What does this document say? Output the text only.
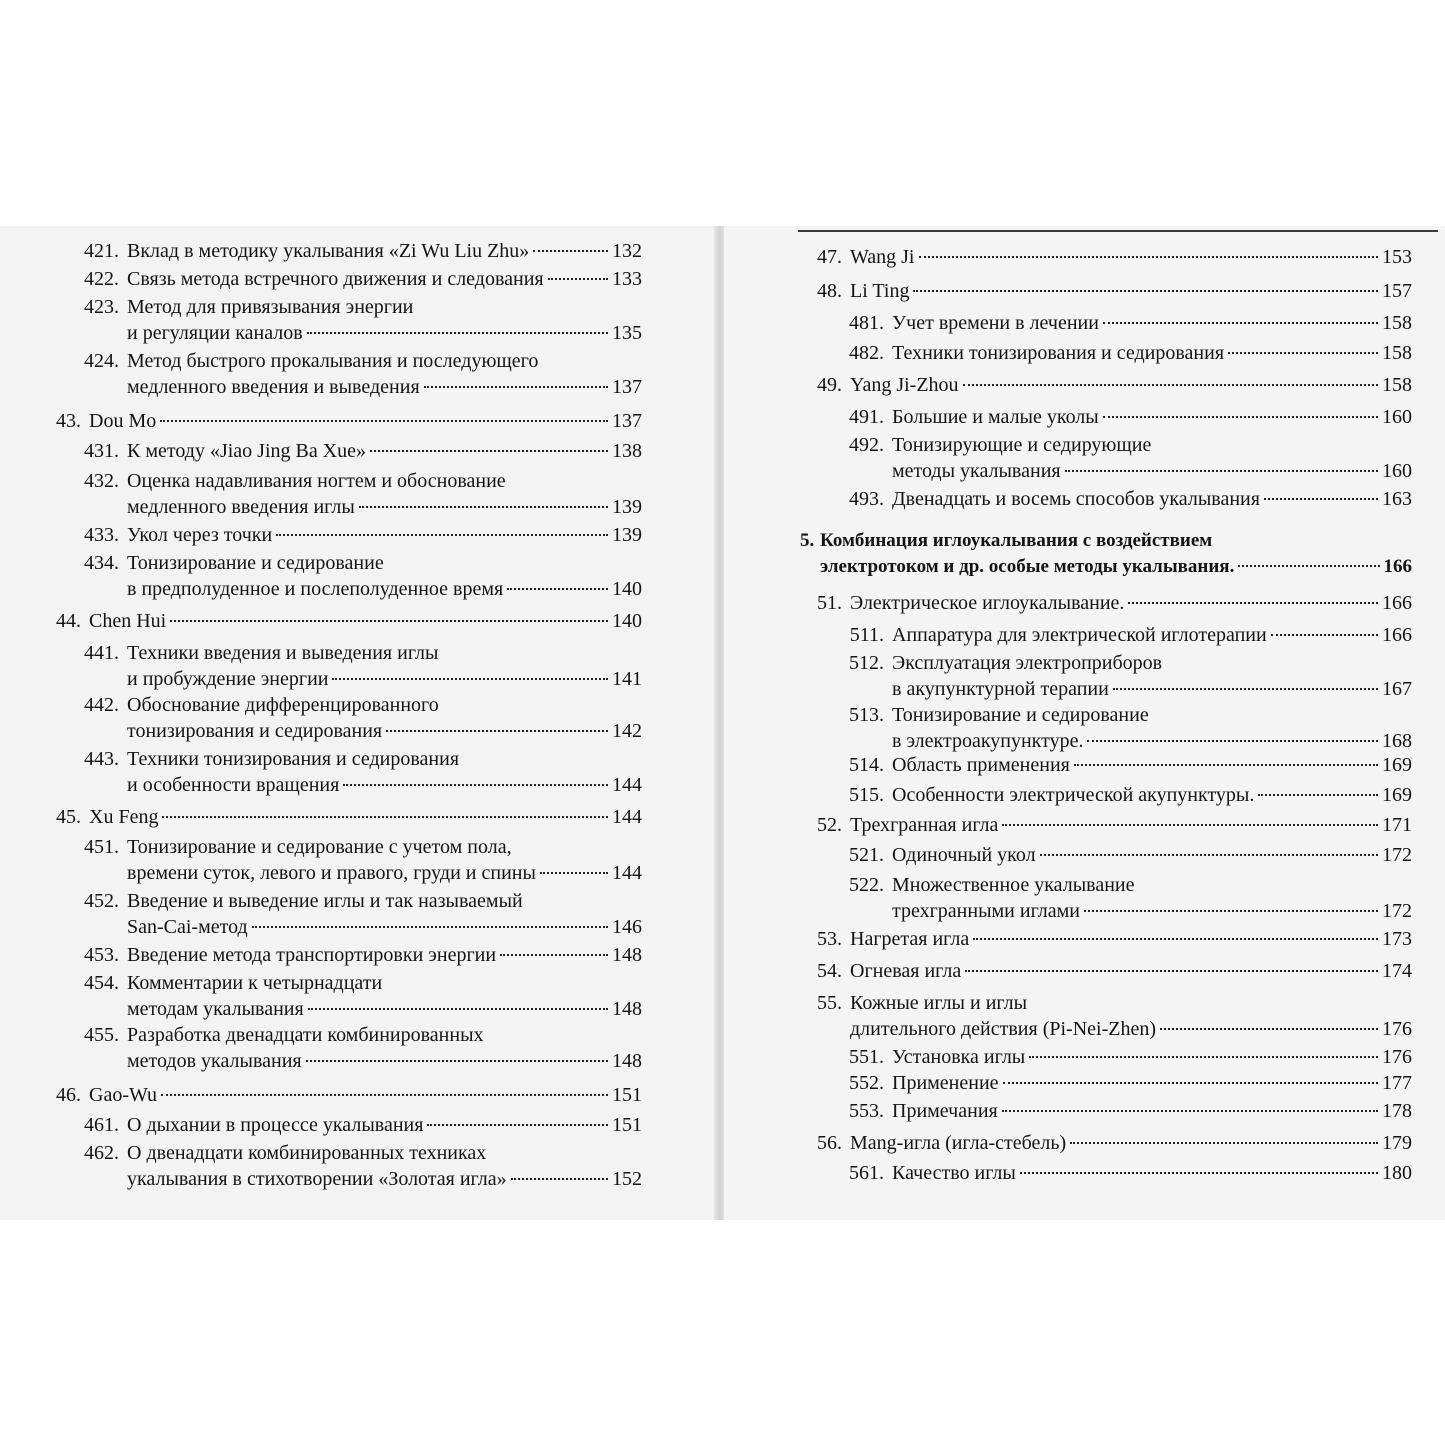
421. Вклад в методику укалывания «Zi Wu Liu Zhu»	132
422. Связь метода встречного движения и следования	133
423. Метод для привязывания энергии
и регуляции каналов	135
424. Метод быстрого прокалывания и последующего
медленного введения и выведения	137
43. Dou Mo	137
431. К методу «Jiao Jing Ba Xue»	138
432. Оценка надавливания ногтем и обоснование
медленного введения иглы	139
433. Укол через точки	139
434. Тонизирование и седирование
в предполуденное и послеполуденное время	140
44. Chen Hui	140
441. Техники введения и выведения иглы
и пробуждение энергии	141
442. Обоснование дифференцированного
тонизирования и седирования	142
443. Техники тонизирования и седирования
и особенности вращения	144
45. Xu Feng	144
451. Тонизирование и седирование с учетом пола,
времени суток, левого и правого, груди и спины	144
452. Введение и выведение иглы и так называемый
San-Cai-метод	146
453. Введение метода транспортировки энергии	148
454. Комментарии к четырнадцати
методам укалывания	148
455. Разработка двенадцати комбинированных
методов укалывания	148
46. Gao-Wu	151
461. О дыхании в процессе укалывания	151
462. О двенадцати комбинированных техниках
укалывания в стихотворении «Золотая игла»	152
47. Wang Ji	153
48. Li Ting	157
481. Учет времени в лечении	158
482. Техники тонизирования и седирования	158
49. Yang Ji-Zhou	158
491. Большие и малые уколы	160
492. Тонизирующие и седирующие
методы укалывания	160
493. Двенадцать и восемь способов укалывания	163
5. Комбинация иглоукалывания с воздействием
электротоком и др. особые методы укалывания.	166
51. Электрическое иглоукалывание.	166
511. Аппаратура для электрической иглотерапии	166
512. Эксплуатация электроприборов
в акупунктурной терапии	167
513. Тонизирование и седирование
в электроакупунктуре.	168
514. Область применения	169
515. Особенности электрической акупунктуры.	169
52. Трехгранная игла	171
521. Одиночный укол	172
522. Множественное укалывание
трехгранными иглами	172
53. Нагретая игла	173
54. Огневая игла	174
55. Кожные иглы и иглы
длительного действия (Pi-Nei-Zhen)	176
551. Установка иглы	176
552. Применение	177
553. Примечания	178
56. Mang-игла (игла-стебель)	179
561. Качество иглы	180
